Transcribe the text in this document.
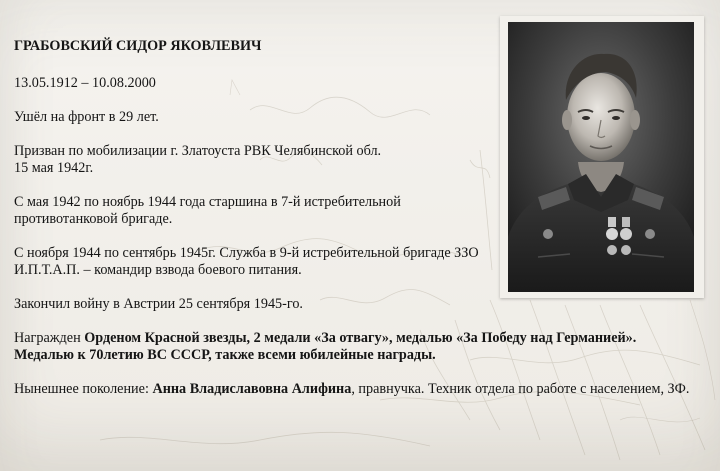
ГРАБОВСКИЙ СИДОР ЯКОВЛЕВИЧ

13.05.1912 – 10.08.2000

Ушёл на фронт в 29 лет.

Призван по мобилизации г. Златоуста РВК Челябинской обл.
15 мая 1942г.

С мая 1942 по ноябрь 1944 года старшина в 7-й истребительной противотанковой бригаде.

С ноября 1944 по сентябрь 1945г. Служба в 9-й истребительной бригаде ЗЗО И.П.Т.А.П. – командир взвода боевого питания.

Закончил войну в Австрии 25 сентября 1945-го.

Награжден Орденом Красной звезды, 2 медали «За отвагу», медалью «За Победу над Германией». Медалью к 70летию ВС СССР, также всеми юбилейные награды.

Нынешнее поколение: Анна Владиславовна Алифина, правнучка. Техник отдела по работе с населением, ЗФ.
